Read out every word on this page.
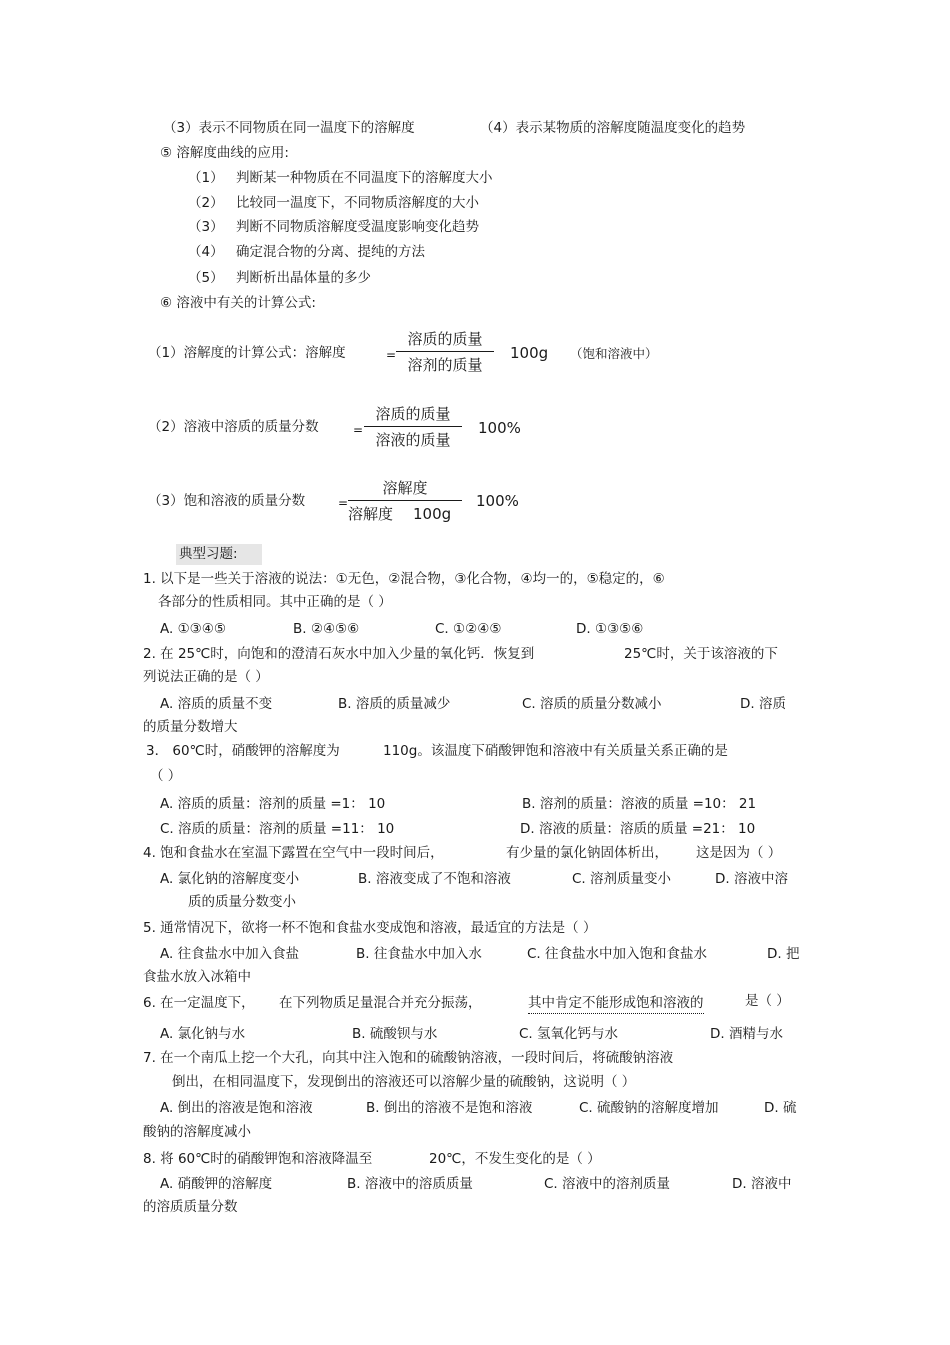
（3）表示不同物质在同一温度下的溶解度	（4）表示某物质的溶解度随温度变化的趋势
⑤ 溶解度曲线的应用:
（1） 判断某一种物质在不同温度下的溶解度大小
（2） 比较同一温度下，不同物质溶解度的大小
（3） 判断不同物质溶解度受温度影响变化趋势
（4） 确定混合物的分离、提纯的方法
（5） 判断析出晶体量的多少
⑥ 溶液中有关的计算公式:
（1）溶解度的计算公式：溶解度	=
溶质的质量
溶剂的质量
100g （饱和溶液中）
（2）溶液中溶质的质量分数	=
溶质的质量
溶液的质量
100%
（3）饱和溶液的质量分数	=
溶解度
溶解度 100g
100%
典型习题:
1. 以下是一些关于溶液的说法：①无色，②混合物，③化合物，④均一的，⑤稳定的，⑥
各部分的性质相同。其中正确的是（ ）
A. ①③④⑤	B. ②④⑤⑥	C. ①②④⑤	D. ①③⑤⑥
2. 在 25℃时，向饱和的澄清石灰水中加入少量的氧化钙．恢复到	25℃时，关于该溶液的下
列说法正确的是（ ）
A. 溶质的质量不变	B. 溶质的质量减少	C. 溶质的质量分数减小	D. 溶质
的质量分数增大
3． 60℃时，硝酸钾的溶解度为	110g。该温度下硝酸钾饱和溶液中有关质量关系正确的是
（ ）
A. 溶质的质量：溶剂的质量 =1： 10	B. 溶剂的质量：溶液的质量 =10： 21
C. 溶质的质量：溶剂的质量 =11： 10	D. 溶液的质量：溶质的质量 =21： 10
4. 饱和食盐水在室温下露置在空气中一段时间后，	有少量的氯化钠固体析出， 这是因为（ ）
A. 氯化钠的溶解度变小	B. 溶液变成了不饱和溶液	C. 溶剂质量变小	D. 溶液中溶
质的质量分数变小
5. 通常情况下，欲将一杯不饱和食盐水变成饱和溶液，最适宜的方法是（ ）
A. 往食盐水中加入食盐	B. 往食盐水中加入水	C. 往食盐水中加入饱和食盐水	D. 把
食盐水放入冰箱中
6. 在一定温度下， 在下列物质足量混合并充分振荡，	其中肯定不能形成饱和溶液的	是（ ）
A. 氯化钠与水	B. 硫酸钡与水	C. 氢氧化钙与水	D. 酒精与水
7. 在一个南瓜上挖一个大孔，向其中注入饱和的硫酸钠溶液，一段时间后，将硫酸钠溶液
倒出，在相同温度下，发现倒出的溶液还可以溶解少量的硫酸钠，这说明（ ）
A. 倒出的溶液是饱和溶液	B. 倒出的溶液不是饱和溶液	C. 硫酸钠的溶解度增加	D. 硫
酸钠的溶解度减小
8. 将 60℃时的硝酸钾饱和溶液降温至	20℃，不发生变化的是（ ）
A. 硝酸钾的溶解度	B. 溶液中的溶质质量	C. 溶液中的溶剂质量	D. 溶液中
的溶质质量分数
